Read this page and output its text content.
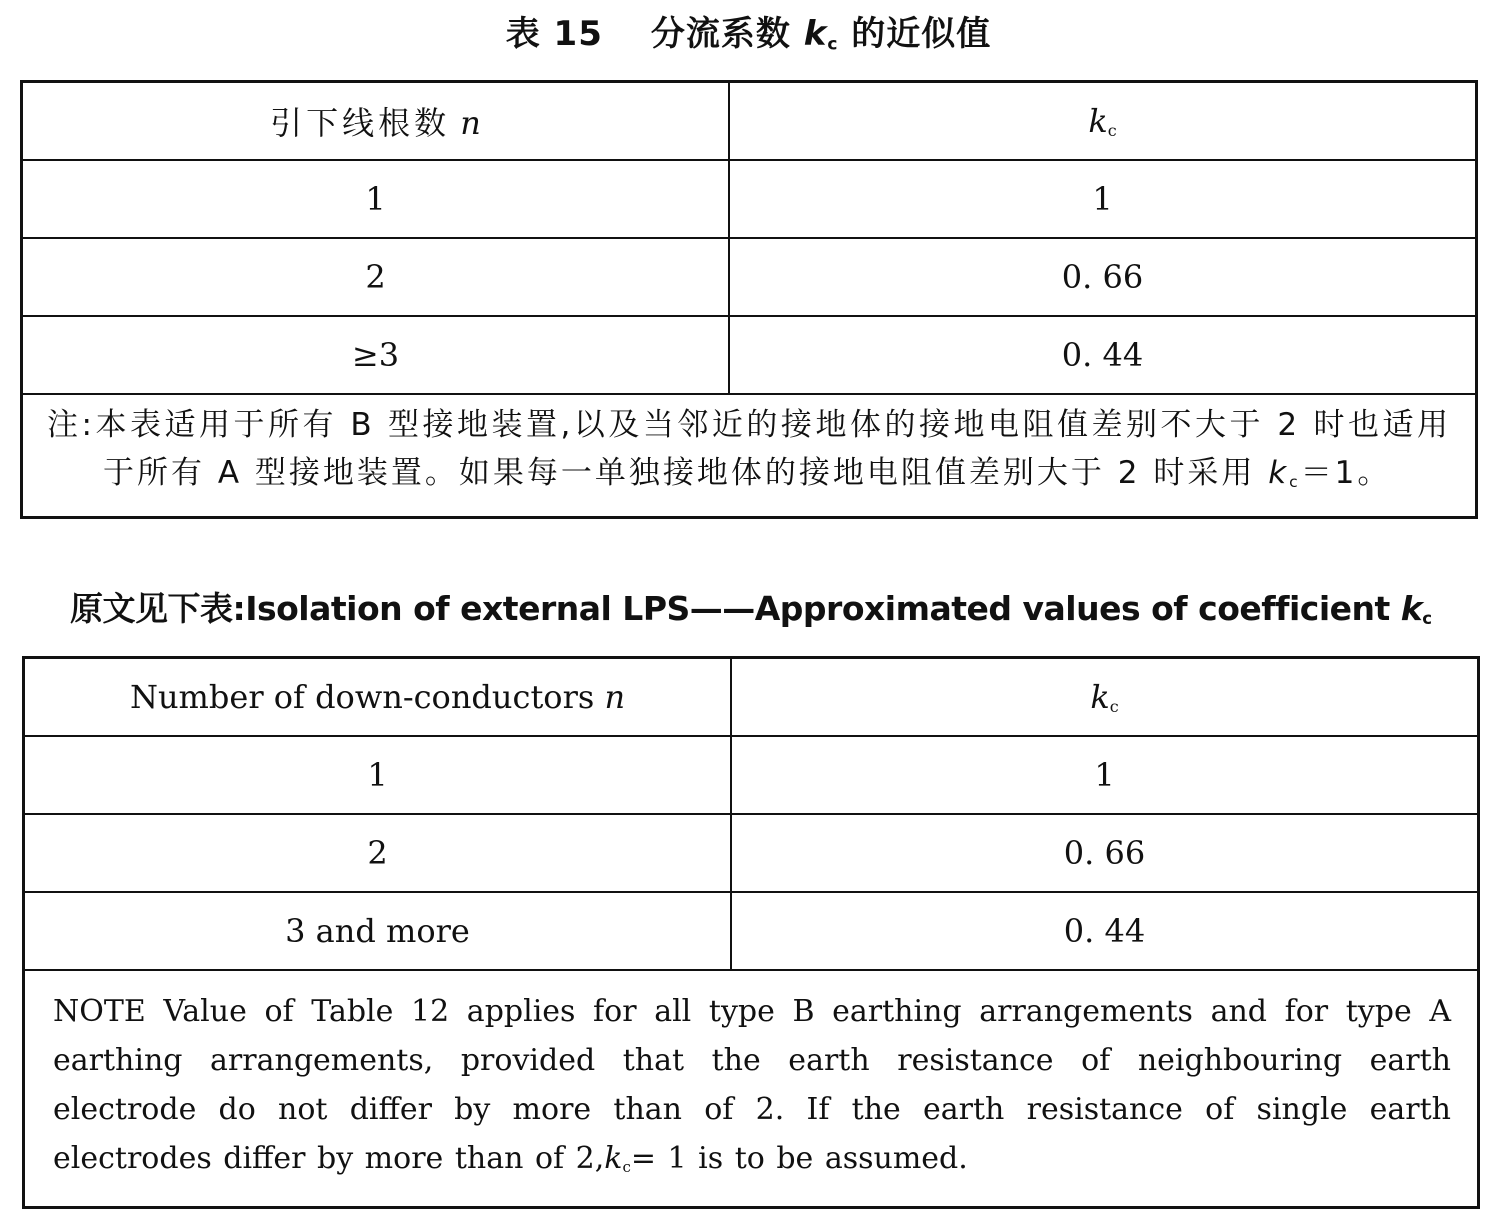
表 15 分流系数 $k_c$ 的近似值
引下线根数 n	$k_c$
1	1
2	0. 66
≥3	0. 44

注:本表适用于所有 B 型接地装置,以及当邻近的接地体的接地电阻值差别不大于 2 时也适用于所有 A 型接地装置。如果每一单独接地体的接地电阻值差别大于 2 时采用 $k_c=1$。	
原文见下表:Isolation of external LPS——Approximated values of coefficient $k_c$
Number of down-conductors n	$k_c$
1	1
2	0. 66
3 and more	0. 44

NOTE Value of Table 12 applies for all type B earthing arrangements and for type A earthing arrangements, provided that the earth resistance of neighbouring earth electrode do not differ by more than of 2. If the earth resistance of single earth electrodes differ by more than of $2,k_c= 1$ is to be assumed.	
